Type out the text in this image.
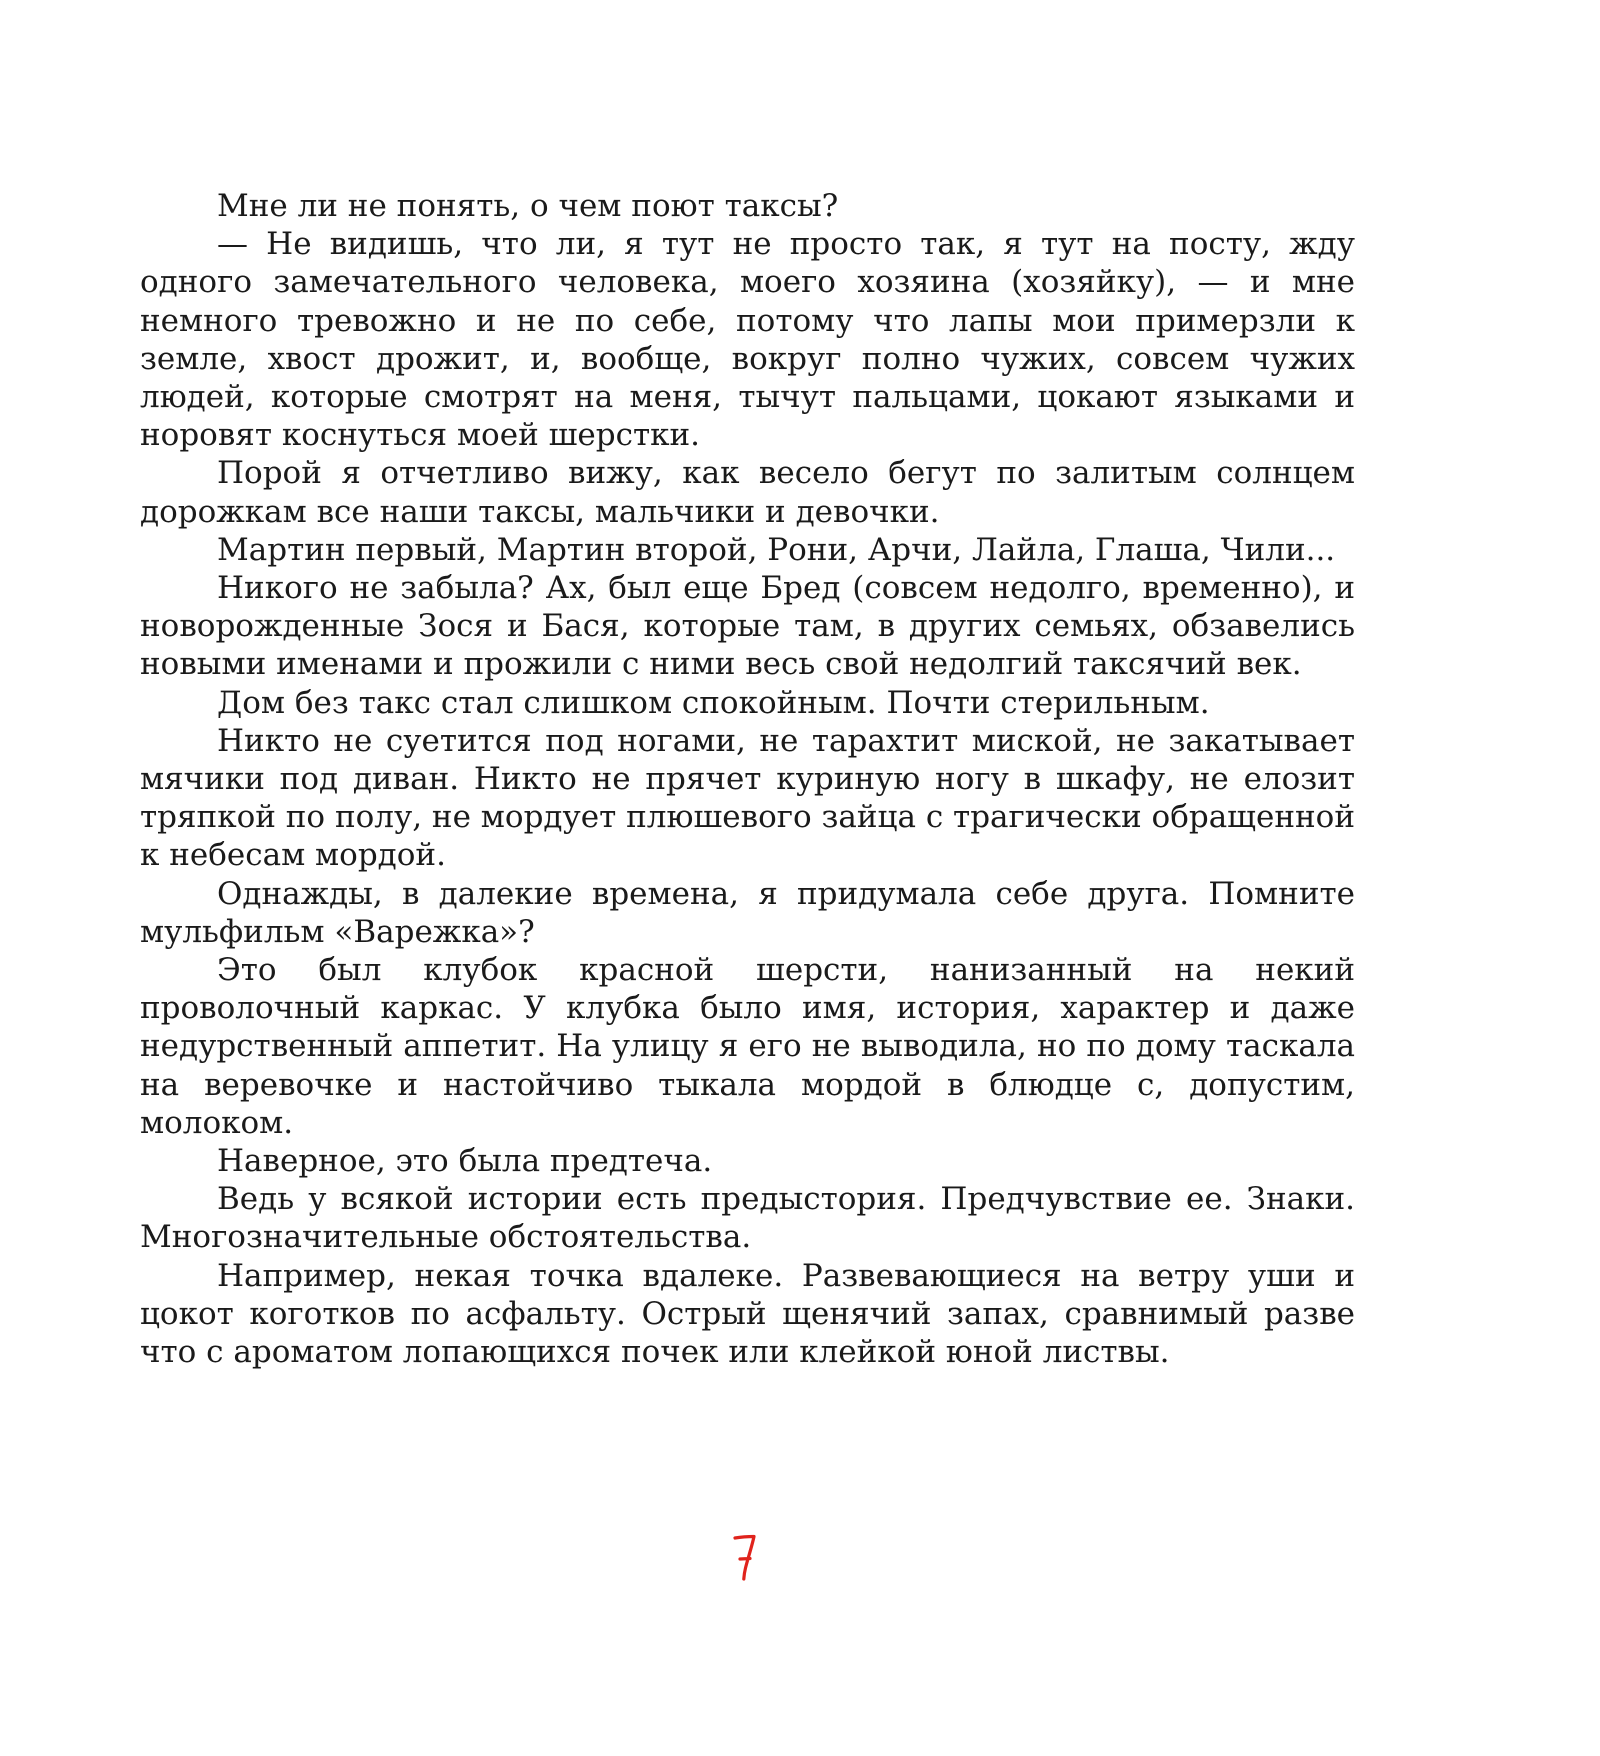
Мне ли не понять, о чем поют таксы?

— Не видишь, что ли, я тут не просто так, я тут на посту, жду одного замечательного человека, моего хозяина (хозяйку), — и мне немного тревожно и не по себе, потому что лапы мои примерзли к земле, хвост дрожит, и, вообще, вокруг полно чужих, совсем чужих людей, которые смотрят на меня, тычут пальцами, цокают языками и норовят коснуться моей шерстки.

Порой я отчетливо вижу, как весело бегут по залитым солнцем дорожкам все наши таксы, мальчики и девочки.

Мартин первый, Мартин второй, Рони, Арчи, Лайла, Глаша, Чили...

Никого не забыла? Ах, был еще Бред (совсем недолго, временно), и новорожденные Зося и Бася, которые там, в других семьях, обзавелись новыми именами и прожили с ними весь свой недолгий таксячий век.

Дом без такс стал слишком спокойным. Почти стерильным.

Никто не суетится под ногами, не тарахтит миской, не закатывает мячики под диван. Никто не прячет куриную ногу в шкафу, не елозит тряпкой по полу, не мордует плюшевого зайца с трагически обращенной к небесам мордой.

Однажды, в далекие времена, я придумала себе друга. Помните мульфильм «Варежка»?

Это был клубок красной шерсти, нанизанный на некий проволочный каркас. У клубка было имя, история, характер и даже недурственный аппетит. На улицу я его не выводила, но по дому таскала на веревочке и настойчиво тыкала мордой в блюдце с, допустим, молоком.

Наверное, это была предтеча.

Ведь у всякой истории есть предыстория. Предчувствие ее. Знаки. Многозначительные обстоятельства.

Например, некая точка вдалеке. Развевающиеся на ветру уши и цокот коготков по асфальту. Острый щенячий запах, сравнимый разве что с ароматом лопающихся почек или клейкой юной листвы.
